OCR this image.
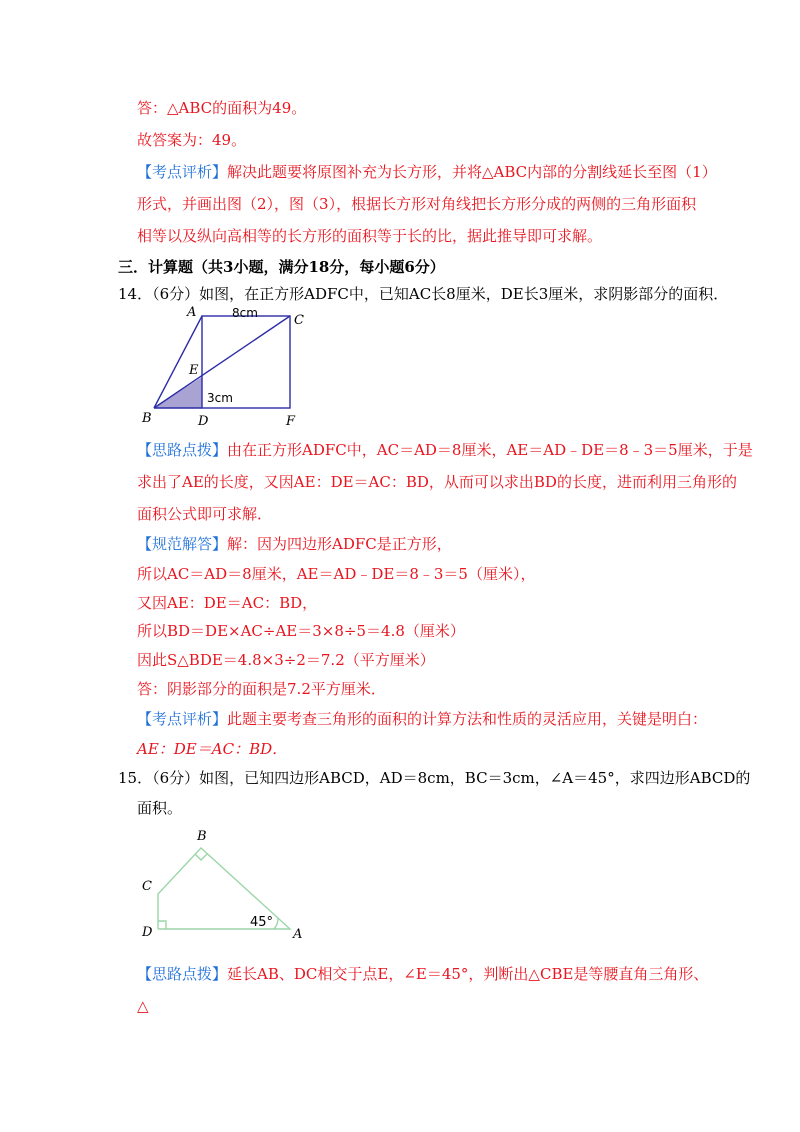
答：△ABC的面积为49。
故答案为：49。
【考点评析】解决此题要将原图补充为长方形，并将△ABC内部的分割线延长至图（1）
形式，并画出图（2），图（3），根据长方形对角线把长方形分成的两侧的三角形面积
相等以及纵向高相等的长方形的面积等于长的比，据此推导即可求解。
三．计算题（共3小题，满分18分，每小题6分）
14．（6分）如图，在正方形ADFC中，已知AC长8厘米，DE长3厘米，求阴影部分的面积．
A	8cm	C
E
3cm
B	D	F
【思路点拨】由在正方形ADFC中，AC＝AD＝8厘米，AE＝AD﹣DE＝8﹣3＝5厘米，于是
求出了AE的长度，又因AE：DE＝AC：BD，从而可以求出BD的长度，进而利用三角形的
面积公式即可求解．
【规范解答】解：因为四边形ADFC是正方形，
所以AC＝AD＝8厘米，AE＝AD﹣DE＝8﹣3＝5（厘米），
又因AE：DE＝AC：BD，
所以BD＝DE×AC÷AE＝3×8÷5＝4.8（厘米）
因此S△BDE＝4.8×3÷2＝7.2（平方厘米）
答：阴影部分的面积是7.2平方厘米．
【考点评析】此题主要考查三角形的面积的计算方法和性质的灵活应用，关键是明白：
AE：DE＝AC：BD．
15．（6分）如图，已知四边形ABCD，AD＝8cm，BC＝3cm，∠A＝45°，求四边形ABCD的
面积。
B
C
D
45°
A
【思路点拨】延长AB、DC相交于点E，∠E＝45°，判断出△CBE是等腰直角三角形、
△
